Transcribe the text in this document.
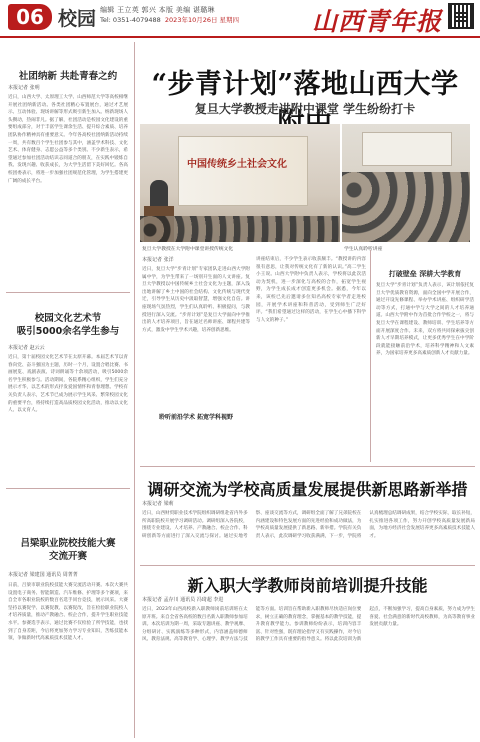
06 校园 编辑 王立英 郭兴 本版 美编 谌璐琳
Tel: 0351-4079488 2023年10月26日 星期四	山西青年报
社团纳新 共赴青春之约
本报记者 张明
近日，山西大学、太原理工大学、山西师范大学等高校相继开展社团纳新活动。各类社团精心布置展台，通过才艺展示、互动体验、现场讲解等形式吸引新生加入。纳新现场人头攒动，热闹非凡。据了解，社团活动是校园文化建设的重要组成部分，对于丰富学生课余生活、提升综合素质、培养团队协作精神具有重要意义。今年各高校社团纳新活动持续一周，共有数百个学生社团参与其中，涵盖学术科技、文化艺术、体育健身、志愿公益等多个类别。不少新生表示，希望通过参加社团活动结识志同道合的朋友，在实践中锻炼自我、发现兴趣、收获成长，为大学生活留下美好回忆。各高校团委表示，将进一步加强社团规范化管理，为学生搭建更广阔的成长平台。
校园文化艺术节
吸引5000余名学生参与
本报记者 赵云云
近日，第十届校园文化艺术节在太原开幕。本届艺术节以青春向党、奋斗强国为主题，历时一个月，设置合唱比赛、书画展览、戏剧表演、诗词朗诵等十余项活动，吸引5000余名学生积极参与。活动期间，各院系精心组织，学生们充分展示才华，以艺术的形式抒发爱国情怀和青春理想。学校有关负责人表示，艺术节已成为展示学生风采、繁荣校园文化的重要平台，将持续打造高品质校园文化活动，推动以文化人、以文育人。
吕梁职业院校技能大赛
交流开赛
本报记者 梁建国 通讯员 周菁菁
日前，吕梁市职业院校技能大赛交流活动开赛。本次大赛共设置电子商务、智能制造、汽车维修、护理等多个赛项，来自全市各职业院校的数百名选手同台竞技，展示风采。大赛坚持以赛促学、以赛促教、以赛促改，旨在检验职业院校人才培养质量，推动产教融合、校企合作，提升学生职业技能水平。参赛选手表示，通过比赛不仅检验了所学技能，也找到了自身差距，今后将更加努力学习专业知识，苦练技能本领，争做新时代高素质技术技能人才。
“步青计划”落地山西大学
复旦大学教授走进附中课堂 学生纷纷打卡
中国传统乡土社会文化
复旦大学教授在大学附中课堂讲授传统文化	学生认真聆听讲座
本报记者 张洋
近日，复旦大学“步青计划”专家团队走进山西大学附属中学，为学生带来了一场别开生面的人文讲座。复旦大学教授以中国传统乡土社会文化为主题，深入浅出地讲解了乡土中国的社会结构、文化传统与现代变迁，引导学生从历史中汲取智慧，增强文化自信。讲座现场气氛热烈，学生们认真聆听、积极提问，与教授进行深入交流。“步青计划”是复旦大学面向中学推出的人才培养项目，旨在通过名师讲座、课程共建等方式，激发中学生学术兴趣，培养创新思维。
聆听前沿学术 拓宽学科视野
讲座结束后，不少学生表示收获颇丰。“教授讲的内容很有意思，让我对传统文化有了新的认识。”高二学生小王说。山西大学附中负责人表示，学校将以此次活动为契机，进一步深化与高校的合作，拓宽学生视野，为学生成长成才创造更多机会。据悉，今年以来，该校已先后邀请多位知名高校专家学者走进校园，开展学术讲座和科普活动，受到师生广泛好评。“我们希望通过这样的活动，在学生心中播下科学与人文的种子。”
打破壁垒 深耕大学教育
复旦大学“步青计划”负责人表示，该计划依托复旦大学优质教育资源，面向全国中学开展合作，通过开设先修课程、举办学术讲座、组织研学活动等方式，打通中学与大学之间的人才培养通道。山西大学附中作为首批合作学校之一，将与复旦大学在课程建设、教师培训、学生培养等方面开展深度合作。未来，双方将共同探索拔尖创新人才早期培养模式，让更多优秀学生在中学阶段就能接触前沿学术，培养科学精神和人文素养，为国家培养更多高素质创新人才贡献力量。
调研交流为学校高质量发展提供新思路新举措
本报记者 梁莉
近日，山西财贸职业技术学院组织调研组赴省内外多所高职院校开展学习调研活动。调研组深入各院校，围绕专业建设、人才培养、产教融合、校企合作、科研创新等方面进行了深入交流与探讨。通过实地考察、座谈交流等方式，调研组全面了解了兄弟院校在内涵建设和特色发展方面的先进经验和成功做法，为学校高质量发展提供了新思路、新举措。学院有关负责人表示，此次调研学习收获满满，下一步，学院将认真梳理总结调研成果，结合学校实际，取长补短，扎实推进各项工作，努力开创学校高质量发展新局面，为地方经济社会发展培养更多高素质技术技能人才。
新入职大学教师岗前培训提升技能
本报记者 孟存川 通讯员 冯琦超 李进
近日，2023年山西高校新入职教师岗前培训班在太原开班。来自全省各高校的数百名新入职教师参加培训。本次培训为期一周，采取专题讲座、教学观摩、分组研讨、实践演练等多种形式，内容涵盖师德师风、教育法规、高等教育学、心理学、教学方法与技能等方面。培训旨在帮助新入职教师尽快适应岗位要求，树立正确的教育理念，掌握基本的教学技能，提升教育教学能力。参训教师纷纷表示，培训内容丰富、针对性强，既有理论指导又有实践操作，对今后的教学工作具有重要的指导意义。将以此次培训为新起点，不断加强学习，提高自身素质，努力成为学生喜爱、社会满意的新时代高校教师，为高等教育事业发展贡献力量。
